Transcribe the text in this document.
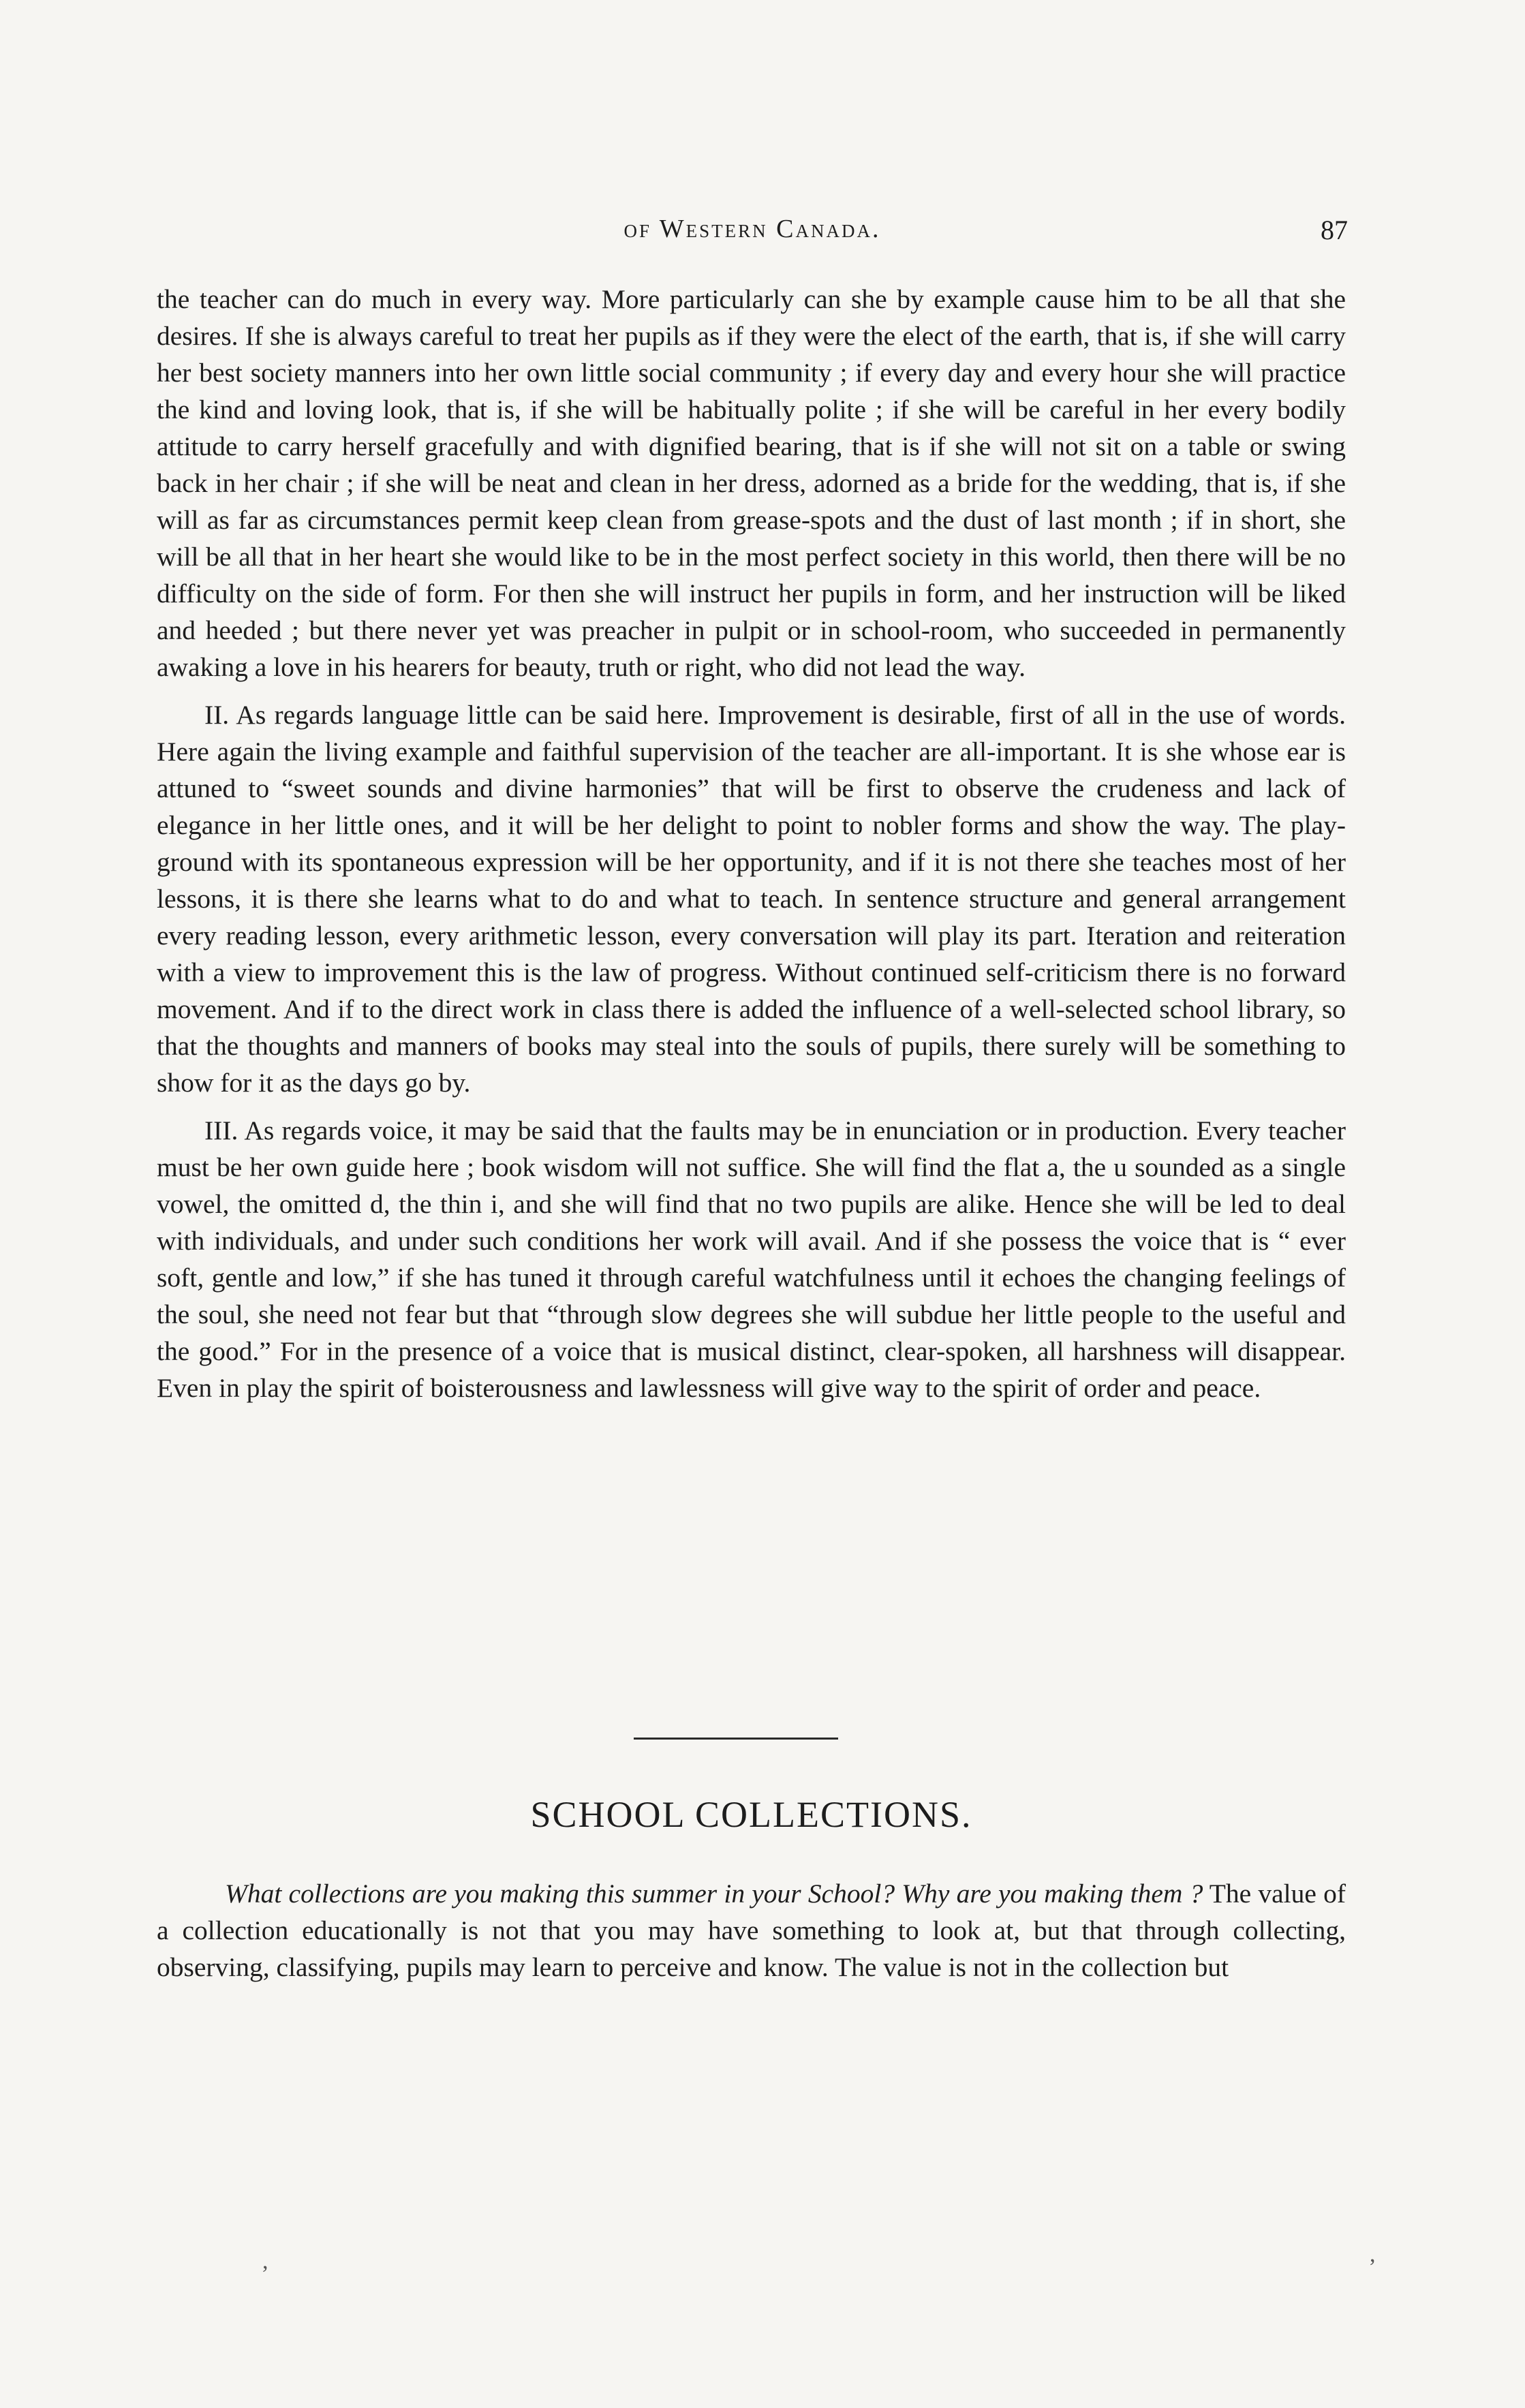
of Western Canada.	87

the teacher can do much in every way. More particularly can she by example cause him to be all that she desires. If she is always careful to treat her pupils as if they were the elect of the earth, that is, if she will carry her best society manners into her own little social community ; if every day and every hour she will practice the kind and loving look, that is, if she will be habitually polite ; if she will be careful in her every bodily attitude to carry herself gracefully and with dignified bearing, that is if she will not sit on a table or swing back in her chair ; if she will be neat and clean in her dress, adorned as a bride for the wedding, that is, if she will as far as circumstances permit keep clean from grease-spots and the dust of last month ; if in short, she will be all that in her heart she would like to be in the most perfect society in this world, then there will be no difficulty on the side of form. For then she will instruct her pupils in form, and her instruction will be liked and heeded ; but there never yet was preacher in pulpit or in school-room, who succeeded in permanently awaking a love in his hearers for beauty, truth or right, who did not lead the way.

II. As regards language little can be said here. Improvement is desirable, first of all in the use of words. Here again the living example and faithful supervision of the teacher are all-important. It is she whose ear is attuned to “sweet sounds and divine harmonies” that will be first to observe the crudeness and lack of elegance in her little ones, and it will be her delight to point to nobler forms and show the way. The play-ground with its spontaneous expression will be her opportunity, and if it is not there she teaches most of her lessons, it is there she learns what to do and what to teach. In sentence structure and general arrangement every reading lesson, every arithmetic lesson, every conversation will play its part. Iteration and reiteration with a view to improvement this is the law of progress. Without continued self-criticism there is no forward movement. And if to the direct work in class there is added the influence of a well-selected school library, so that the thoughts and manners of books may steal into the souls of pupils, there surely will be something to show for it as the days go by.

III. As regards voice, it may be said that the faults may be in enunciation or in production. Every teacher must be her own guide here ; book wisdom will not suffice. She will find the flat a, the u sounded as a single vowel, the omitted d, the thin i, and she will find that no two pupils are alike. Hence she will be led to deal with individuals, and under such conditions her work will avail. And if she possess the voice that is “ ever soft, gentle and low,” if she has tuned it through careful watchfulness until it echoes the changing feelings of the soul, she need not fear but that “through slow degrees she will subdue her little people to the useful and the good.” For in the presence of a voice that is musical distinct, clear-spoken, all harshness will disappear. Even in play the spirit of boisterousness and lawlessness will give way to the spirit of order and peace.

SCHOOL COLLECTIONS.

What collections are you making this summer in your School? Why are you making them ? The value of a collection educationally is not that you may have something to look at, but that through collecting, observing, classifying, pupils may learn to perceive and know. The value is not in the collection but

,	,
